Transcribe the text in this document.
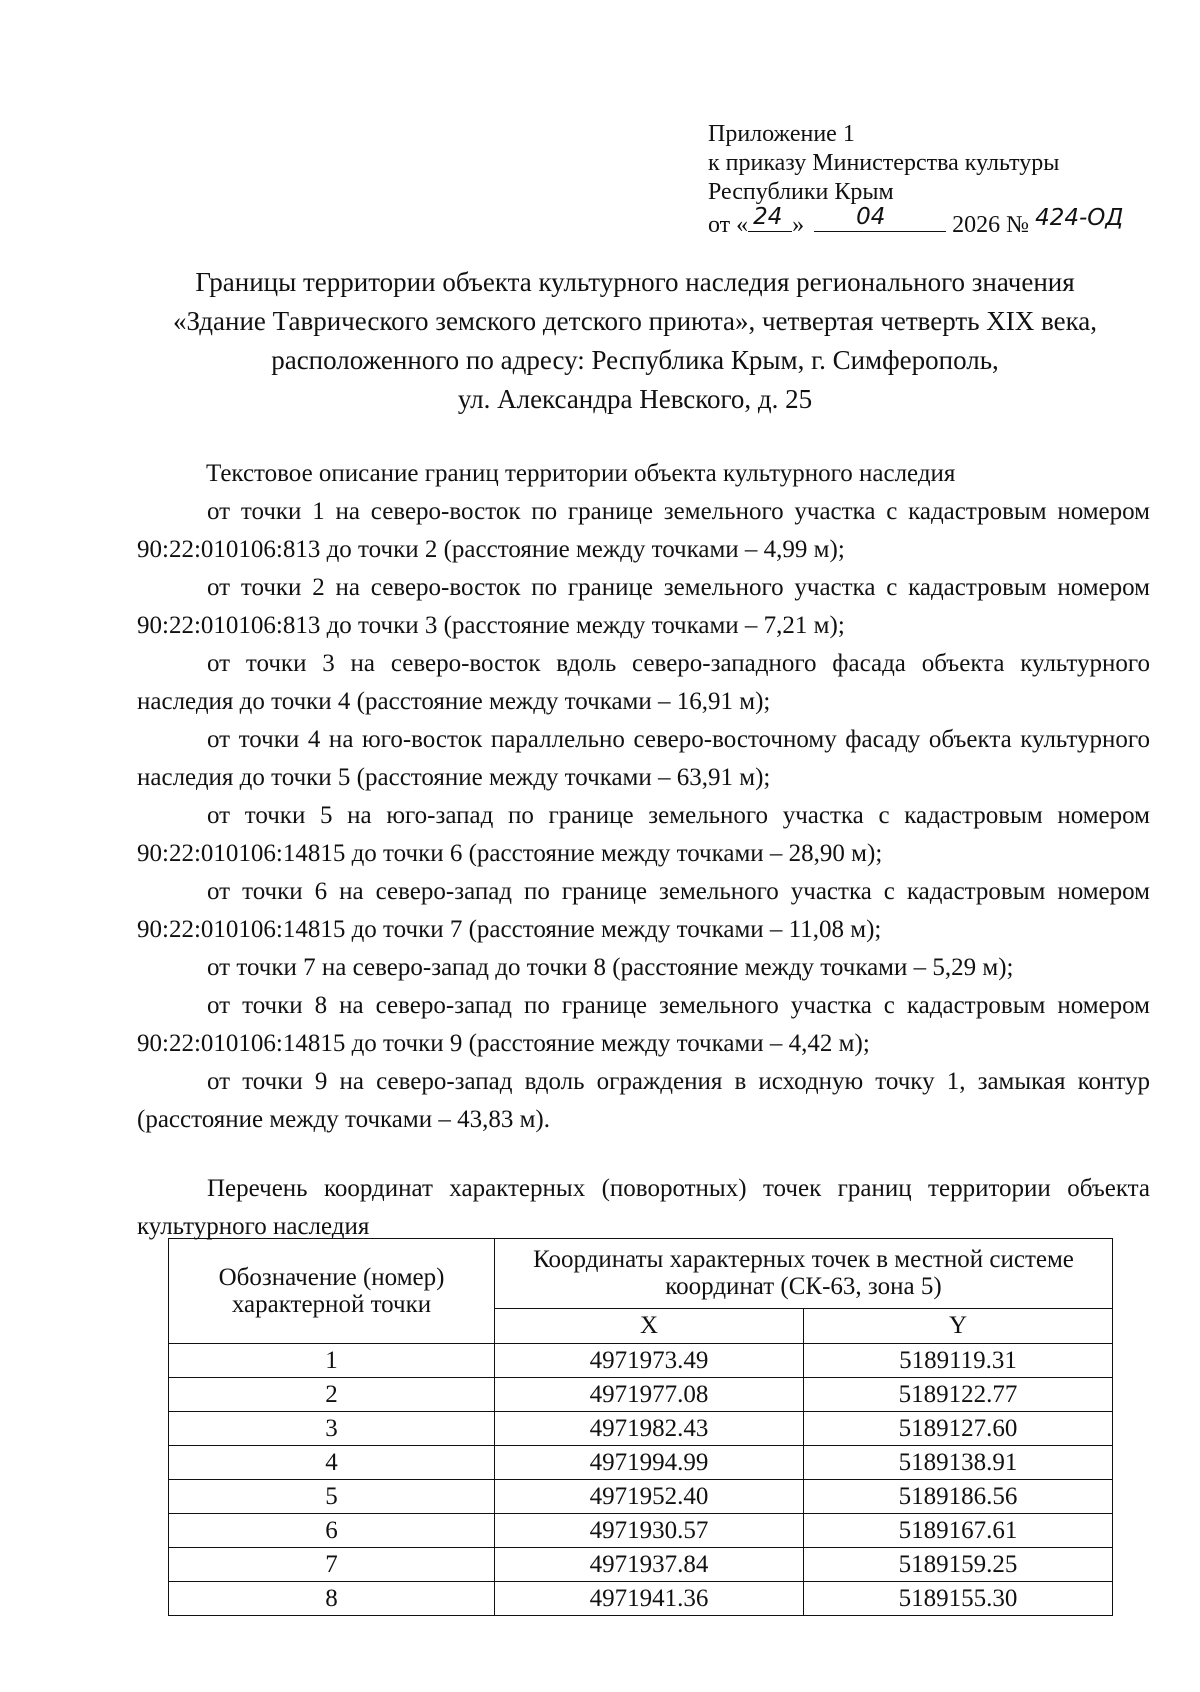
Приложение 1
к приказу Министерства культуры
Республики Крым
от « 24 » 04	2026 № 424-ОД
Границы территории объекта культурного наследия регионального значения
«Здание Таврического земского детского приюта», четвертая четверть XIX века,
расположенного по адресу: Республика Крым, г. Симферополь,
ул. Александра Невского, д. 25
Текстовое описание границ территории объекта культурного наследия

от точки 1 на северо-восток по границе земельного участка с кадастровым номером 90:22:010106:813 до точки 2 (расстояние между точками – 4,99 м);

от точки 2 на северо-восток по границе земельного участка с кадастровым номером 90:22:010106:813 до точки 3 (расстояние между точками – 7,21 м);

от точки 3 на северо-восток вдоль северо-западного фасада объекта культурного наследия до точки 4 (расстояние между точками – 16,91 м);

от точки 4 на юго-восток параллельно северо-восточному фасаду объекта культурного наследия до точки 5 (расстояние между точками – 63,91 м);

от точки 5 на юго-запад по границе земельного участка с кадастровым номером 90:22:010106:14815 до точки 6 (расстояние между точками – 28,90 м);

от точки 6 на северо-запад по границе земельного участка с кадастровым номером 90:22:010106:14815 до точки 7 (расстояние между точками – 11,08 м);

от точки 7 на северо-запад до точки 8 (расстояние между точками – 5,29 м);

от точки 8 на северо-запад по границе земельного участка с кадастровым номером 90:22:010106:14815 до точки 9 (расстояние между точками – 4,42 м);

от точки 9 на северо-запад вдоль ограждения в исходную точку 1, замыкая контур (расстояние между точками – 43,83 м).

Перечень координат характерных (поворотных) точек границ территории объекта культурного наследия
Обозначение (номер) характерной точки	Координаты характерных точек в местной системе координат (СК-63, зона 5)	
	X	Y
1	4971973.49	5189119.31
2	4971977.08	5189122.77
3	4971982.43	5189127.60
4	4971994.99	5189138.91
5	4971952.40	5189186.56
6	4971930.57	5189167.61
7	4971937.84	5189159.25
8	4971941.36	5189155.30
